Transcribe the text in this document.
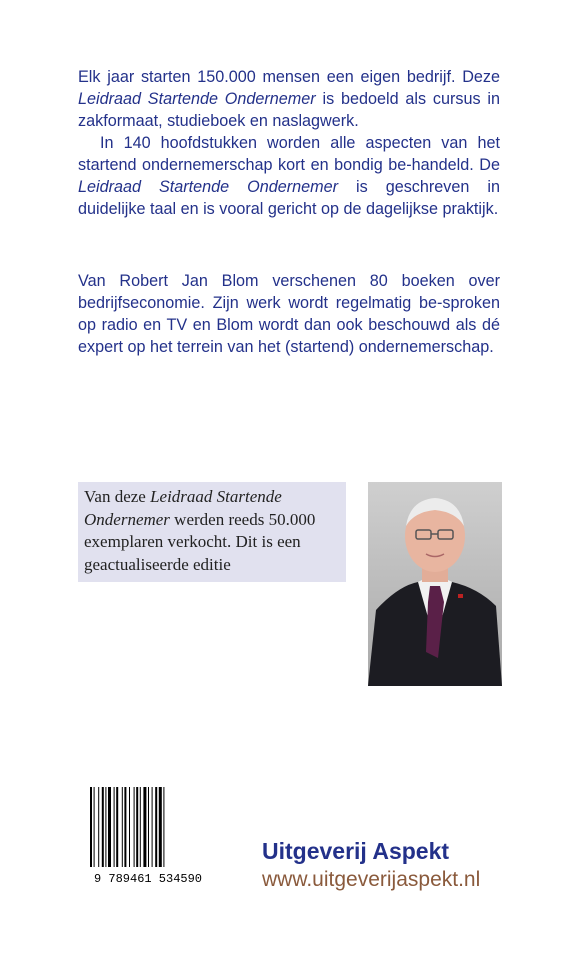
Elk jaar starten 150.000 mensen een eigen bedrijf. Deze Leidraad Startende Ondernemer is bedoeld als cursus in zakformaat, studieboek en naslagwerk.

In 140 hoofdstukken worden alle aspecten van het startend ondernemerschap kort en bondig be-handeld. De Leidraad Startende Ondernemer is geschreven in duidelijke taal en is vooral gericht op de dagelijkse praktijk.

Van Robert Jan Blom verschenen 80 boeken over bedrijfseconomie. Zijn werk wordt regelmatig be-sproken op radio en TV en Blom wordt dan ook beschouwd als dé expert op het terrein van het (startend) ondernemerschap.

Van deze Leidraad Startende Ondernemer werden reeds 50.000 exemplaren verkocht. Dit is een geactualiseerde editie
9 789461 534590
Uitgeverij Aspekt
www.uitgeverijaspekt.nl
